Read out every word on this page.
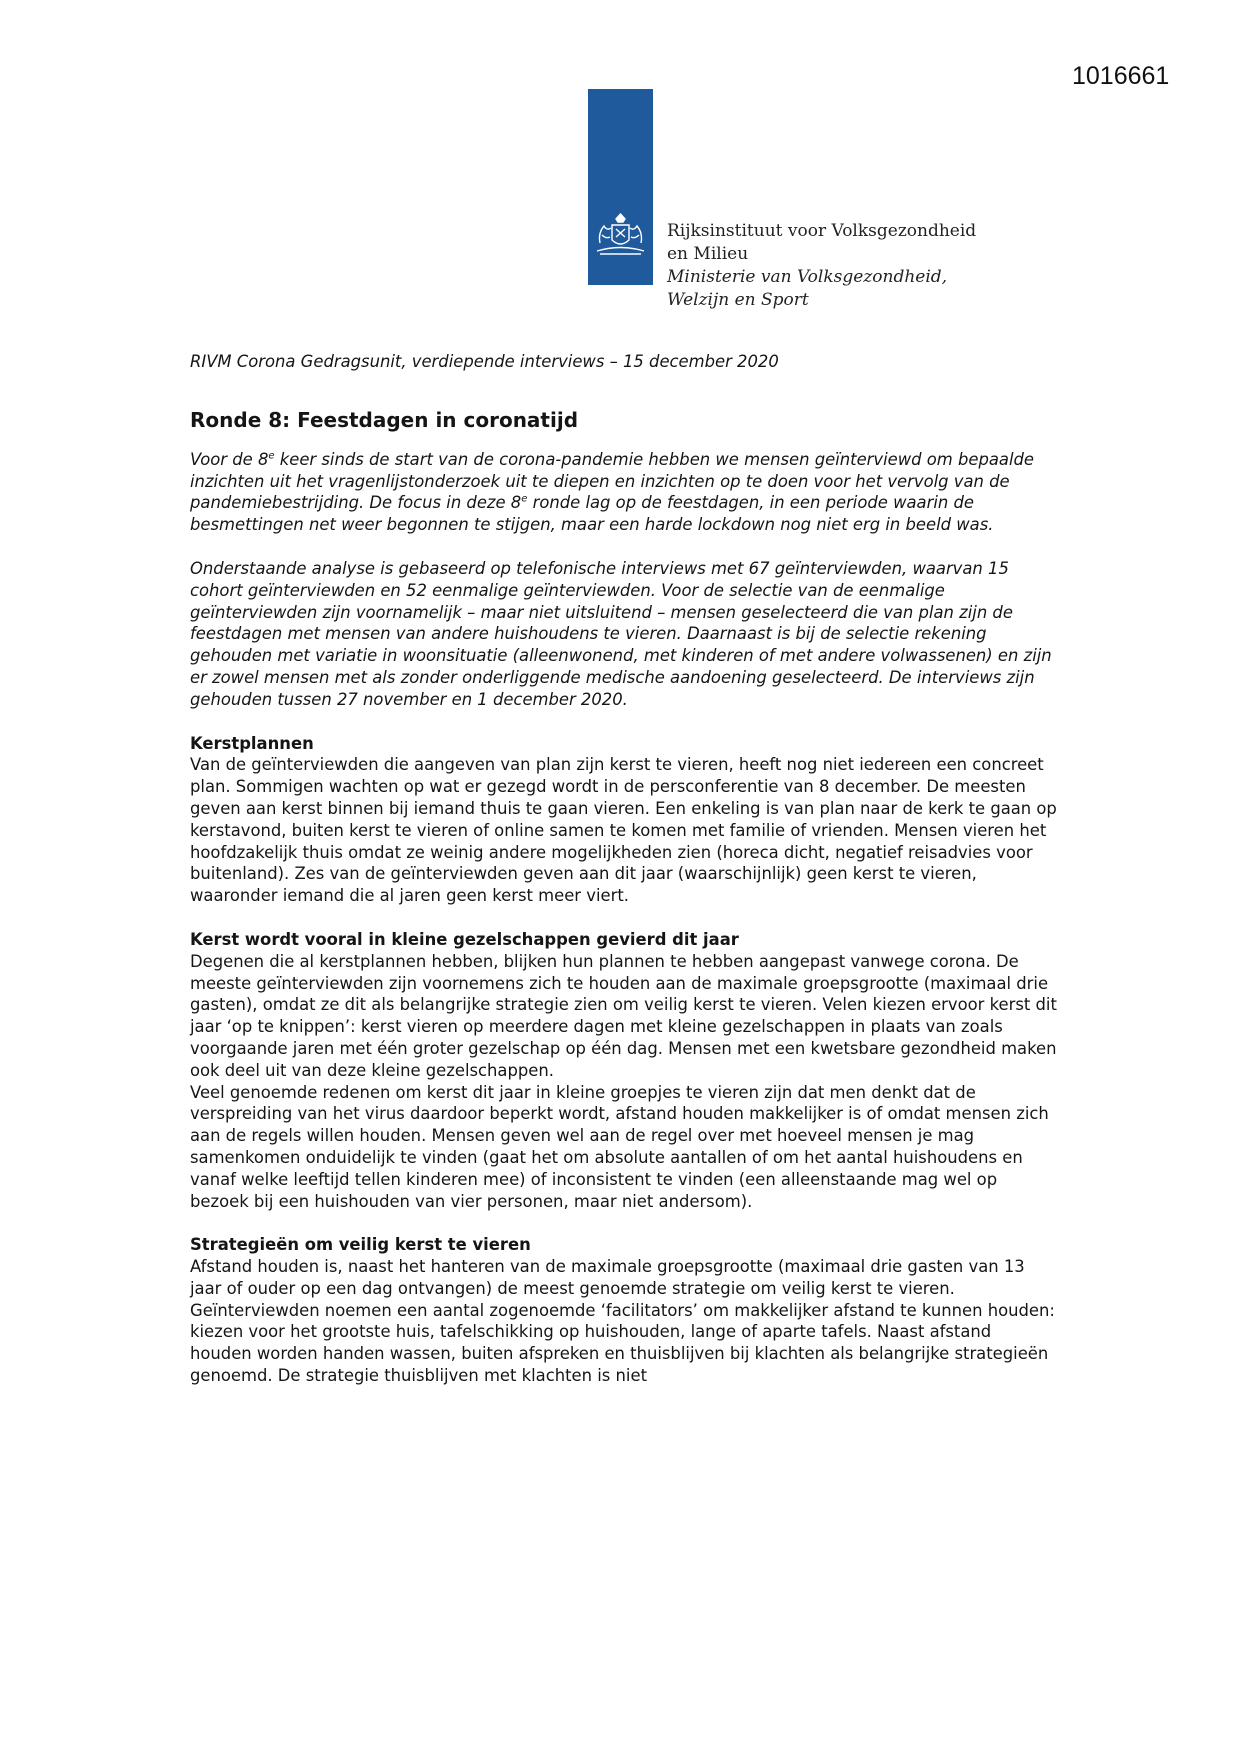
1016661
Rijksinstituut voor Volksgezondheid
en Milieu
Ministerie van Volksgezondheid,
Welzijn en Sport
RIVM Corona Gedragsunit, verdiepende interviews – 15 december 2020
Ronde 8: Feestdagen in coronatijd

Voor de 8e keer sinds de start van de corona-pandemie hebben we mensen geïnterviewd om bepaalde inzichten uit het vragenlijstonderzoek uit te diepen en inzichten op te doen voor het vervolg van de pandemiebestrijding. De focus in deze 8e ronde lag op de feestdagen, in een periode waarin de besmettingen net weer begonnen te stijgen, maar een harde lockdown nog niet erg in beeld was.

Onderstaande analyse is gebaseerd op telefonische interviews met 67 geïnterviewden, waarvan 15 cohort geïnterviewden en 52 eenmalige geïnterviewden. Voor de selectie van de eenmalige geïnterviewden zijn voornamelijk – maar niet uitsluitend – mensen geselecteerd die van plan zijn de feestdagen met mensen van andere huishoudens te vieren. Daarnaast is bij de selectie rekening gehouden met variatie in woonsituatie (alleenwonend, met kinderen of met andere volwassenen) en zijn er zowel mensen met als zonder onderliggende medische aandoening geselecteerd. De interviews zijn gehouden tussen 27 november en 1 december 2020.

Kerstplannen

Van de geïnterviewden die aangeven van plan zijn kerst te vieren, heeft nog niet iedereen een concreet plan. Sommigen wachten op wat er gezegd wordt in de persconferentie van 8 december. De meesten geven aan kerst binnen bij iemand thuis te gaan vieren. Een enkeling is van plan naar de kerk te gaan op kerstavond, buiten kerst te vieren of online samen te komen met familie of vrienden. Mensen vieren het hoofdzakelijk thuis omdat ze weinig andere mogelijkheden zien (horeca dicht, negatief reisadvies voor buitenland). Zes van de geïnterviewden geven aan dit jaar (waarschijnlijk) geen kerst te vieren, waaronder iemand die al jaren geen kerst meer viert.

Kerst wordt vooral in kleine gezelschappen gevierd dit jaar

Degenen die al kerstplannen hebben, blijken hun plannen te hebben aangepast vanwege corona. De meeste geïnterviewden zijn voornemens zich te houden aan de maximale groepsgrootte (maximaal drie gasten), omdat ze dit als belangrijke strategie zien om veilig kerst te vieren. Velen kiezen ervoor kerst dit jaar ‘op te knippen’: kerst vieren op meerdere dagen met kleine gezelschappen in plaats van zoals voorgaande jaren met één groter gezelschap op één dag. Mensen met een kwetsbare gezondheid maken ook deel uit van deze kleine gezelschappen.

Veel genoemde redenen om kerst dit jaar in kleine groepjes te vieren zijn dat men denkt dat de verspreiding van het virus daardoor beperkt wordt, afstand houden makkelijker is of omdat mensen zich aan de regels willen houden. Mensen geven wel aan de regel over met hoeveel mensen je mag samenkomen onduidelijk te vinden (gaat het om absolute aantallen of om het aantal huishoudens en vanaf welke leeftijd tellen kinderen mee) of inconsistent te vinden (een alleenstaande mag wel op bezoek bij een huishouden van vier personen, maar niet andersom).

Strategieën om veilig kerst te vieren

Afstand houden is, naast het hanteren van de maximale groepsgrootte (maximaal drie gasten van 13 jaar of ouder op een dag ontvangen) de meest genoemde strategie om veilig kerst te vieren. Geïnterviewden noemen een aantal zogenoemde ‘facilitators’ om makkelijker afstand te kunnen houden: kiezen voor het grootste huis, tafelschikking op huishouden, lange of aparte tafels. Naast afstand houden worden handen wassen, buiten afspreken en thuisblijven bij klachten als belangrijke strategieën genoemd. De strategie thuisblijven met klachten is niet
